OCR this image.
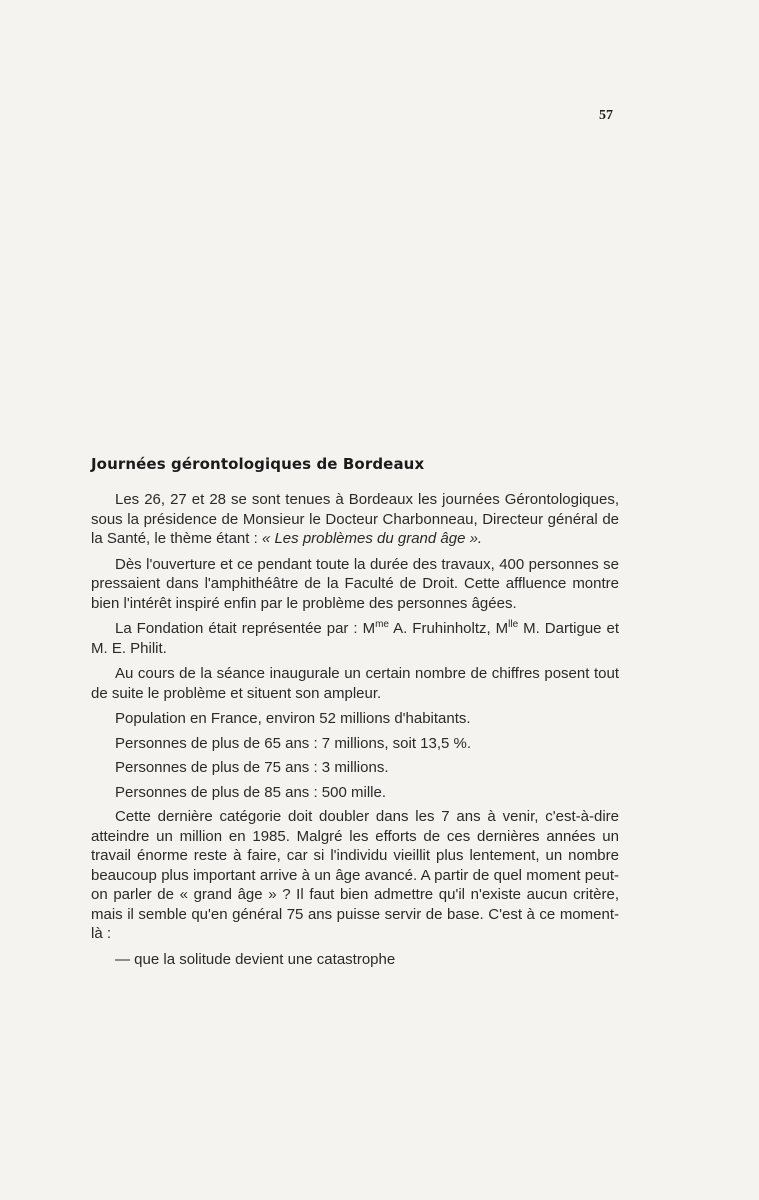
57
Journées gérontologiques de Bordeaux

Les 26, 27 et 28 se sont tenues à Bordeaux les journées Gérontologiques, sous la présidence de Monsieur le Docteur Charbonneau, Directeur général de la Santé, le thème étant : « Les problèmes du grand âge ».

Dès l'ouverture et ce pendant toute la durée des travaux, 400 personnes se pressaient dans l'amphithéâtre de la Faculté de Droit. Cette affluence montre bien l'intérêt inspiré enfin par le problème des personnes âgées.

La Fondation était représentée par : $M^{me}$ A. Fruhinholtz, $M^{lle}$ M. Dartigue et M. E. Philit.

Au cours de la séance inaugurale un certain nombre de chiffres posent tout de suite le problème et situent son ampleur.

Population en France, environ 52 millions d'habitants.
Personnes de plus de 65 ans : 7 millions, soit 13,5 %.
Personnes de plus de 75 ans : 3 millions.
Personnes de plus de 85 ans : 500 mille.

Cette dernière catégorie doit doubler dans les 7 ans à venir, c'est-à-dire atteindre un million en 1985. Malgré les efforts de ces dernières années un travail énorme reste à faire, car si l'individu vieillit plus lentement, un nombre beaucoup plus important arrive à un âge avancé. A partir de quel moment peut-on parler de « grand âge » ? Il faut bien admettre qu'il n'existe aucun critère, mais il semble qu'en général 75 ans puisse servir de base. C'est à ce moment-là :

— que la solitude devient une catastrophe
